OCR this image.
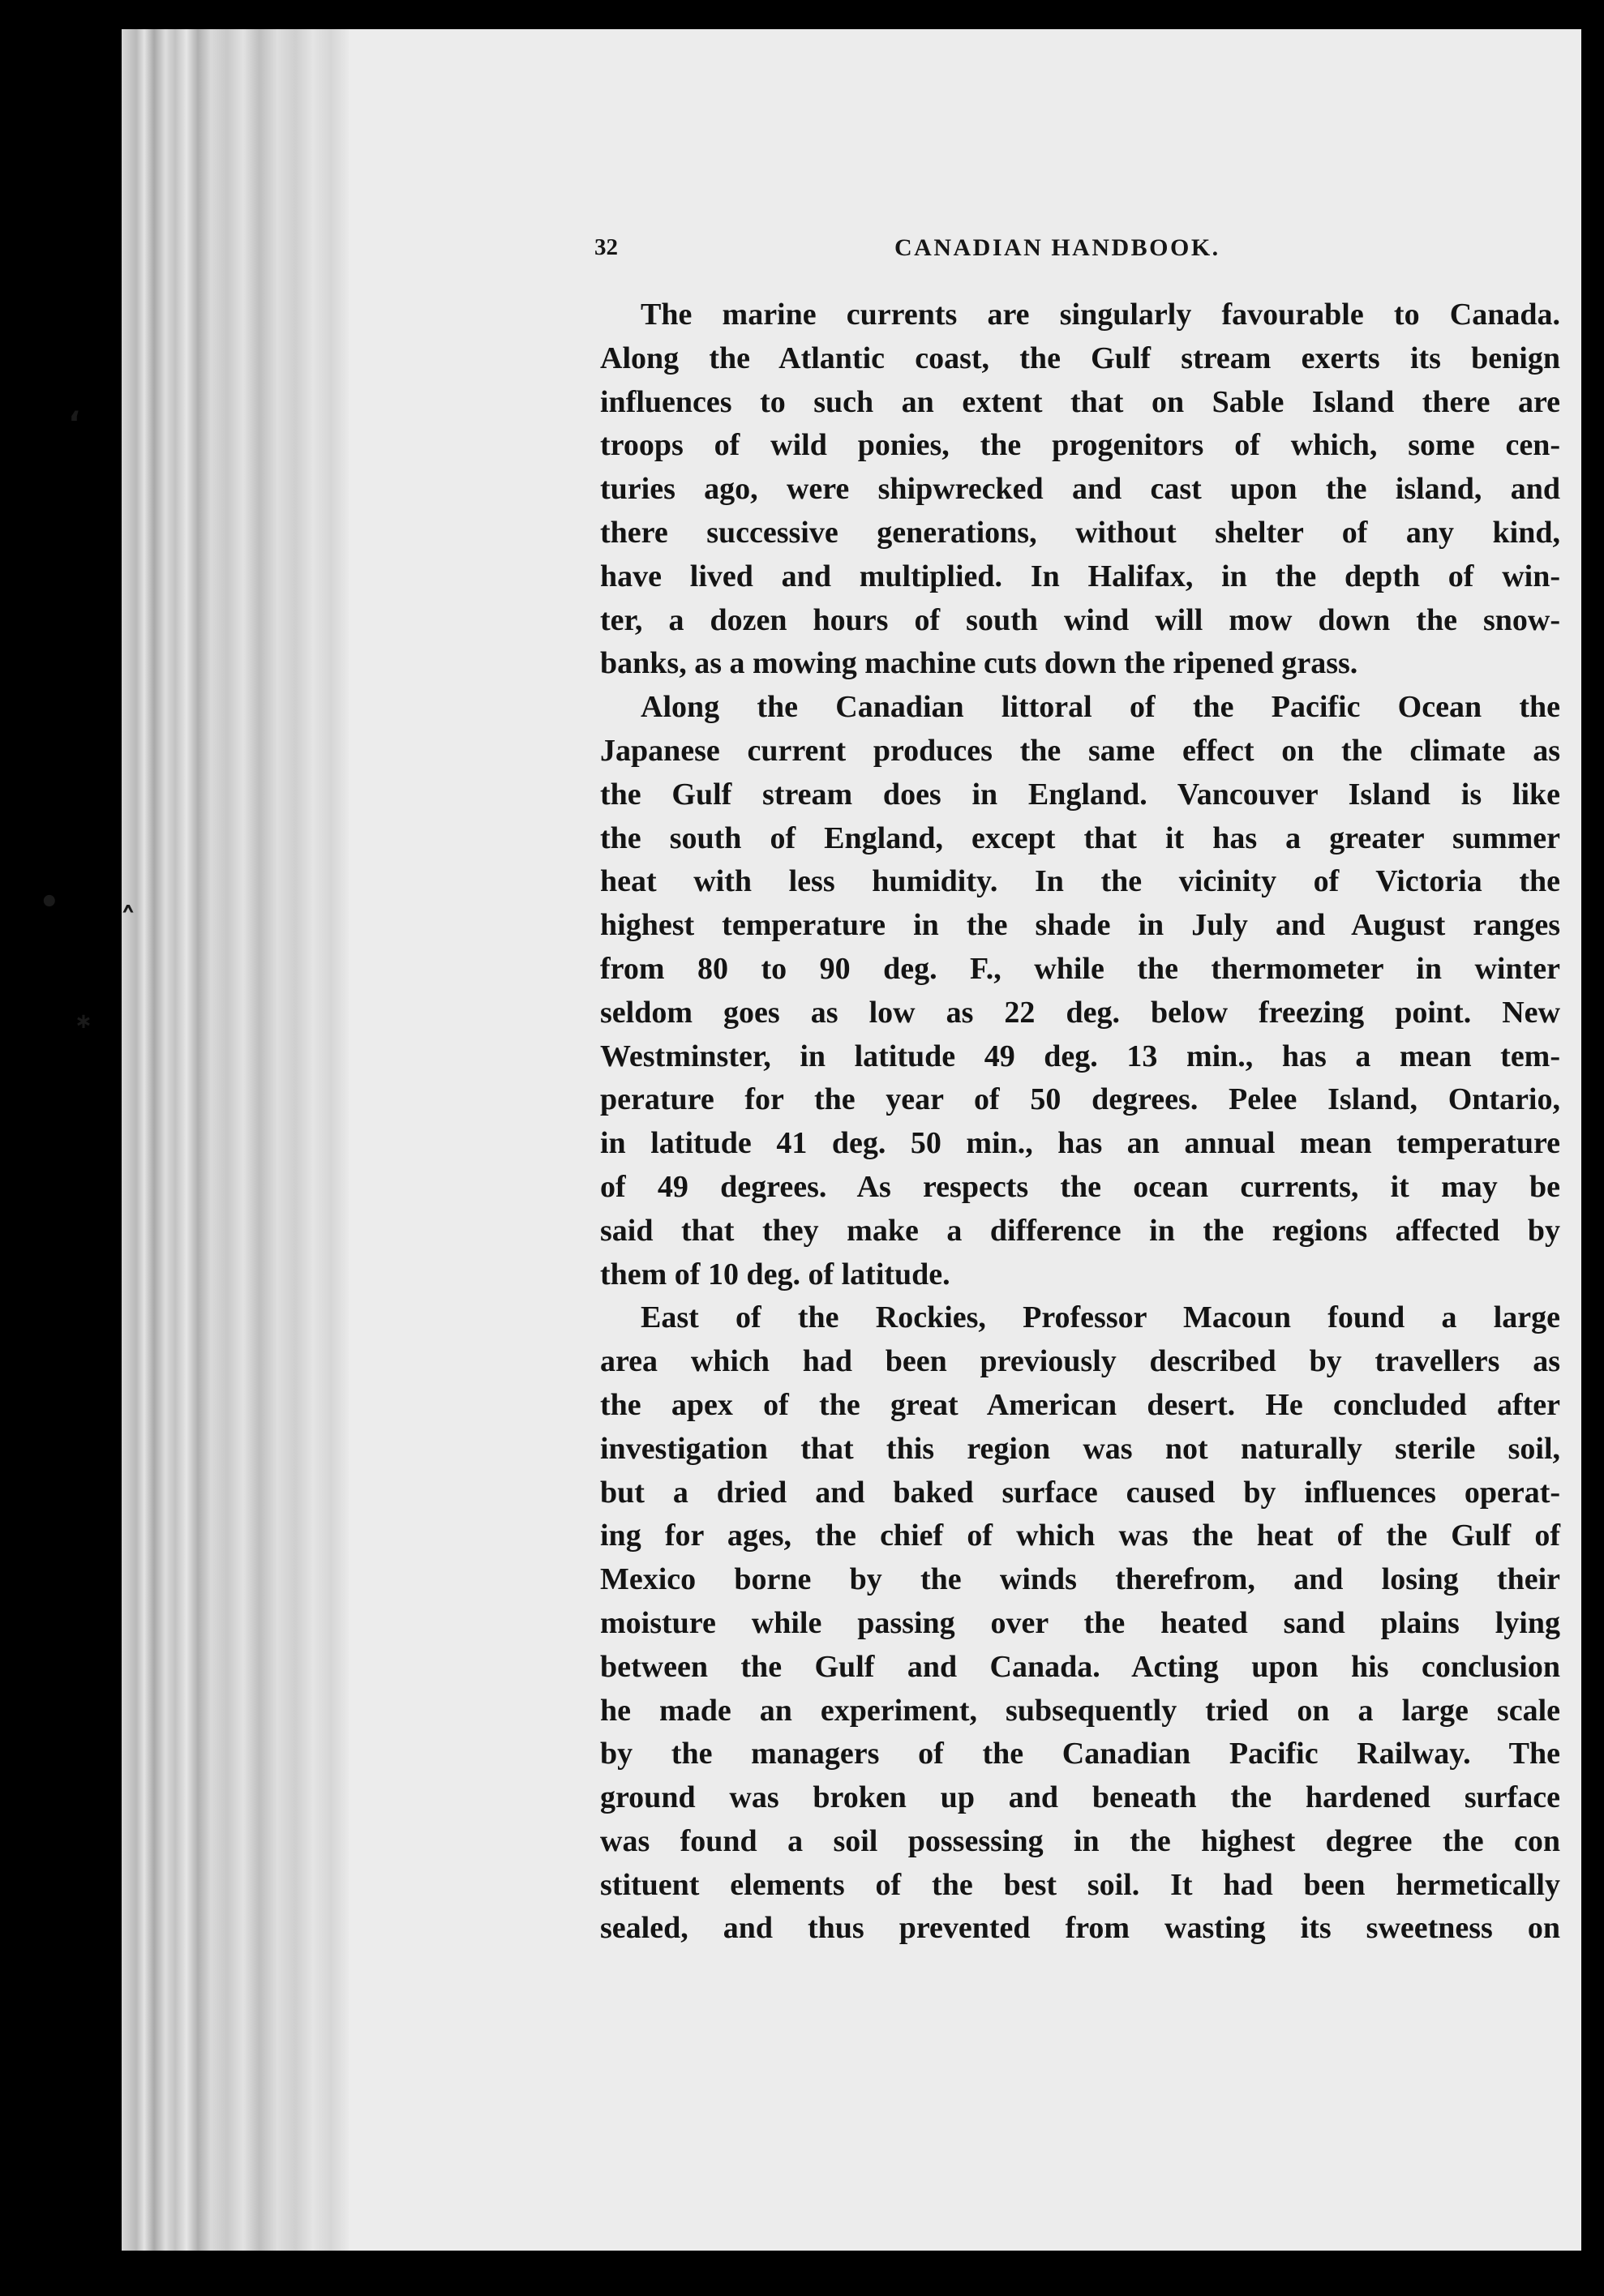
‘
• ˄
∗
32	CANADIAN HANDBOOK.
The marine currents are singularly favourable to Canada.
Along the Atlantic coast, the Gulf stream exerts its benign
influences to such an extent that on Sable Island there are
troops of wild ponies, the progenitors of which, some cen-
turies ago, were shipwrecked and cast upon the island, and
there successive generations, without shelter of any kind,
have lived and multiplied. In Halifax, in the depth of win-
ter, a dozen hours of south wind will mow down the snow-
banks, as a mowing machine cuts down the ripened grass.
Along the Canadian littoral of the Pacific Ocean the
Japanese current produces the same effect on the climate as
the Gulf stream does in England. Vancouver Island is like
the south of England, except that it has a greater summer
heat with less humidity. In the vicinity of Victoria the
highest temperature in the shade in July and August ranges
from 80 to 90 deg. F., while the thermometer in winter
seldom goes as low as 22 deg. below freezing point. New
Westminster, in latitude 49 deg. 13 min., has a mean tem-
perature for the year of 50 degrees. Pelee Island, Ontario,
in latitude 41 deg. 50 min., has an annual mean temperature
of 49 degrees. As respects the ocean currents, it may be
said that they make a difference in the regions affected by
them of 10 deg. of latitude.
East of the Rockies, Professor Macoun found a large
area which had been previously described by travellers as
the apex of the great American desert. He concluded after
investigation that this region was not naturally sterile soil,
but a dried and baked surface caused by influences operat-
ing for ages, the chief of which was the heat of the Gulf of
Mexico borne by the winds therefrom, and losing their
moisture while passing over the heated sand plains lying
between the Gulf and Canada. Acting upon his conclusion
he made an experiment, subsequently tried on a large scale
by the managers of the Canadian Pacific Railway. The
ground was broken up and beneath the hardened surface
was found a soil possessing in the highest degree the con
stituent elements of the best soil. It had been hermetically
sealed, and thus prevented from wasting its sweetness on
